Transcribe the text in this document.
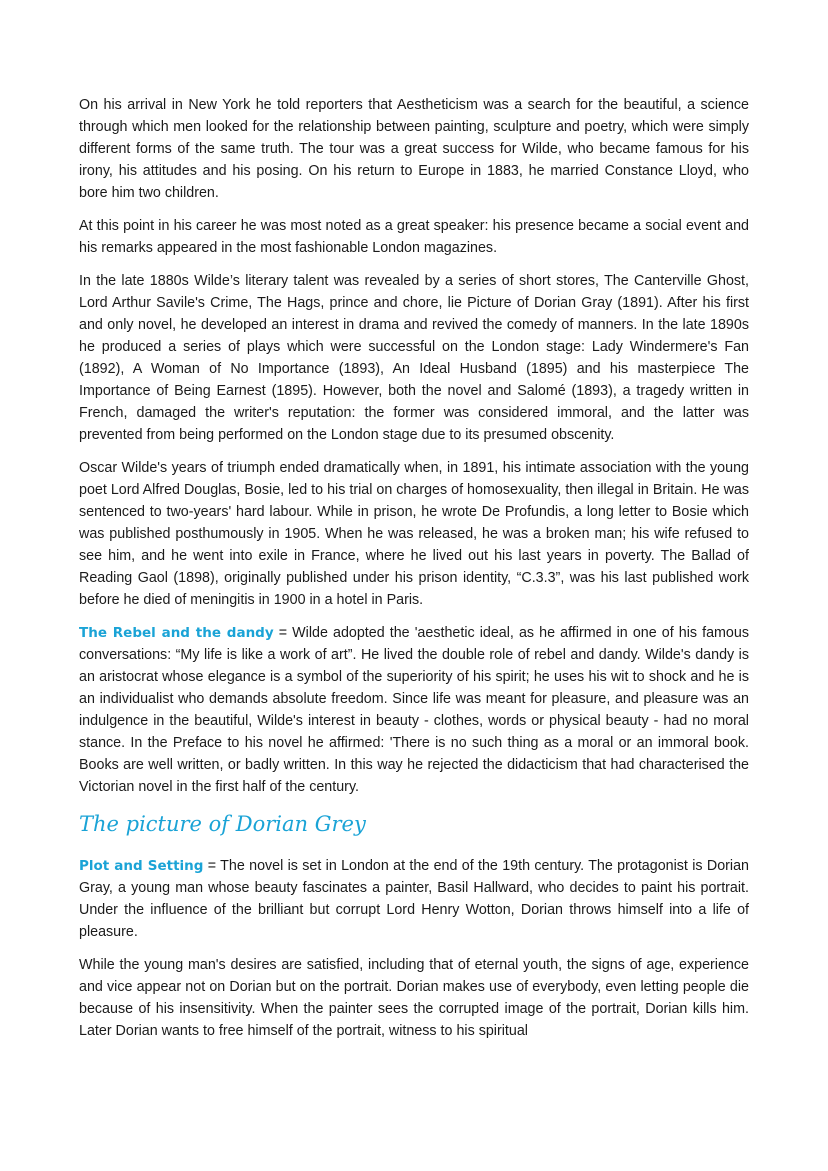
On his arrival in New York he told reporters that Aestheticism was a search for the beautiful, a science through which men looked for the relationship between painting, sculpture and poetry, which were simply different forms of the same truth. The tour was a great success for Wilde, who became famous for his irony, his attitudes and his posing. On his return to Europe in 1883, he married Constance Lloyd, who bore him two children.

At this point in his career he was most noted as a great speaker: his presence became a social event and his remarks appeared in the most fashionable London magazines.

In the late 1880s Wilde’s literary talent was revealed by a series of short stores, The Canterville Ghost, Lord Arthur Savile's Crime, The Hags, prince and chore, lie Picture of Dorian Gray (1891). After his first and only novel, he developed an interest in drama and revived the comedy of manners. In the late 1890s he produced a series of plays which were successful on the London stage: Lady Windermere's Fan (1892), A Woman of No Importance (1893), An Ideal Husband (1895) and his masterpiece The Importance of Being Earnest (1895). However, both the novel and Salomé (1893), a tragedy written in French, damaged the writer's reputation: the former was considered immoral, and the latter was prevented from being performed on the London stage due to its presumed obscenity.

Oscar Wilde's years of triumph ended dramatically when, in 1891, his intimate association with the young poet Lord Alfred Douglas, Bosie, led to his trial on charges of homosexuality, then illegal in Britain. He was sentenced to two-years' hard labour. While in prison, he wrote De Profundis, a long letter to Bosie which was published posthumously in 1905. When he was released, he was a broken man; his wife refused to see him, and he went into exile in France, where he lived out his last years in poverty. The Ballad of Reading Gaol (1898), originally published under his prison identity, “C.3.3”, was his last published work before he died of meningitis in 1900 in a hotel in Paris.

The Rebel and the dandy = Wilde adopted the 'aesthetic ideal, as he affirmed in one of his famous conversations: “My life is like a work of art”. He lived the double role of rebel and dandy. Wilde's dandy is an aristocrat whose elegance is a symbol of the superiority of his spirit; he uses his wit to shock and he is an individualist who demands absolute freedom. Since life was meant for pleasure, and pleasure was an indulgence in the beautiful, Wilde's interest in beauty - clothes, words or physical beauty - had no moral stance. In the Preface to his novel he affirmed: 'There is no such thing as a moral or an immoral book. Books are well written, or badly written. In this way he rejected the didacticism that had characterised the Victorian novel in the first half of the century.

The picture of Dorian Grey

Plot and Setting = The novel is set in London at the end of the 19th century. The protagonist is Dorian Gray, a young man whose beauty fascinates a painter, Basil Hallward, who decides to paint his portrait. Under the influence of the brilliant but corrupt Lord Henry Wotton, Dorian throws himself into a life of pleasure.

While the young man's desires are satisfied, including that of eternal youth, the signs of age, experience and vice appear not on Dorian but on the portrait. Dorian makes use of everybody, even letting people die because of his insensitivity. When the painter sees the corrupted image of the portrait, Dorian kills him. Later Dorian wants to free himself of the portrait, witness to his spiritual
